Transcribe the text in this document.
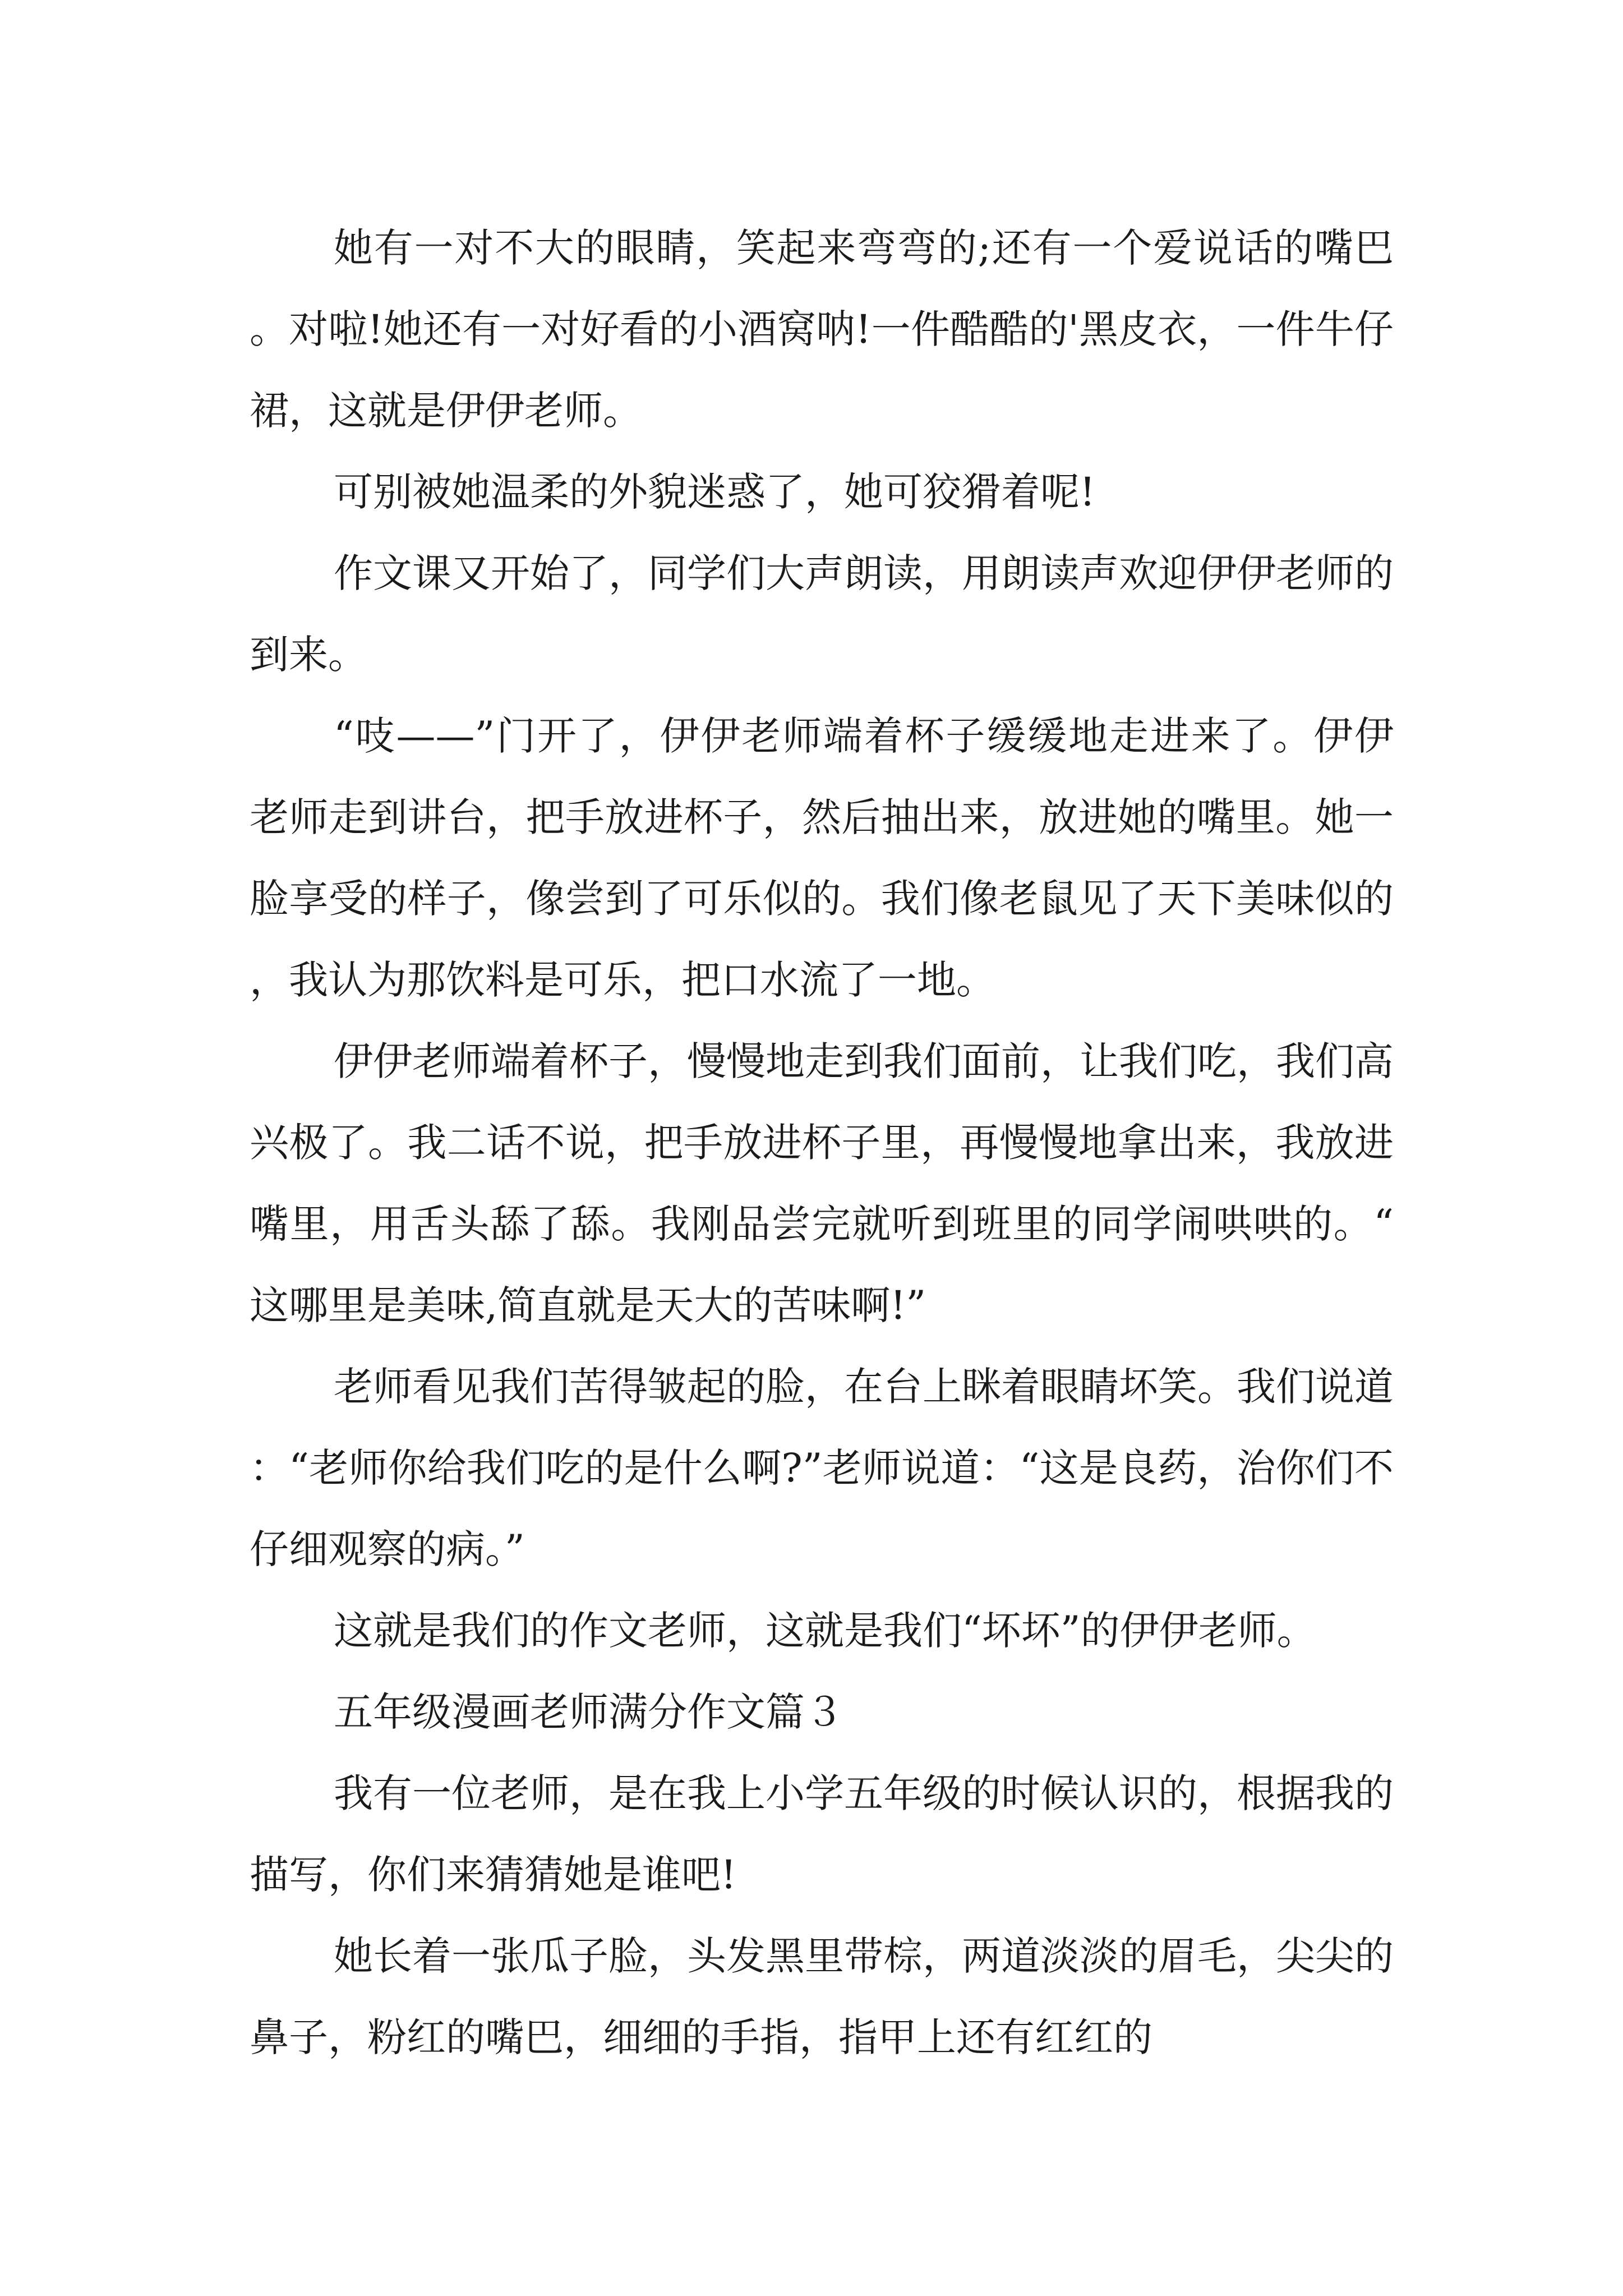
她有一对不大的眼睛，笑起来弯弯的;还有一个爱说话的嘴巴。对啦!她还有一对好看的小酒窝呐!一件酷酷的'黑皮衣，一件牛仔裙，这就是伊伊老师。

可别被她温柔的外貌迷惑了，她可狡猾着呢!

作文课又开始了，同学们大声朗读，用朗读声欢迎伊伊老师的到来。

“吱——”门开了，伊伊老师端着杯子缓缓地走进来了。伊伊老师走到讲台，把手放进杯子，然后抽出来，放进她的嘴里。她一脸享受的样子，像尝到了可乐似的。我们像老鼠见了天下美味似的，我认为那饮料是可乐，把口水流了一地。

伊伊老师端着杯子，慢慢地走到我们面前，让我们吃，我们高兴极了。我二话不说，把手放进杯子里，再慢慢地拿出来，我放进嘴里，用舌头舔了舔。我刚品尝完就听到班里的同学闹哄哄的。“这哪里是美味,简直就是天大的苦味啊!”

老师看见我们苦得皱起的脸，在台上眯着眼睛坏笑。我们说道：“老师你给我们吃的是什么啊?”老师说道：“这是良药，治你们不仔细观察的病。”

这就是我们的作文老师，这就是我们“坏坏”的伊伊老师。

五年级漫画老师满分作文篇３

我有一位老师，是在我上小学五年级的时候认识的，根据我的描写，你们来猜猜她是谁吧!

她长着一张瓜子脸，头发黑里带棕，两道淡淡的眉毛，尖尖的鼻子，粉红的嘴巴，细细的手指，指甲上还有红红的
